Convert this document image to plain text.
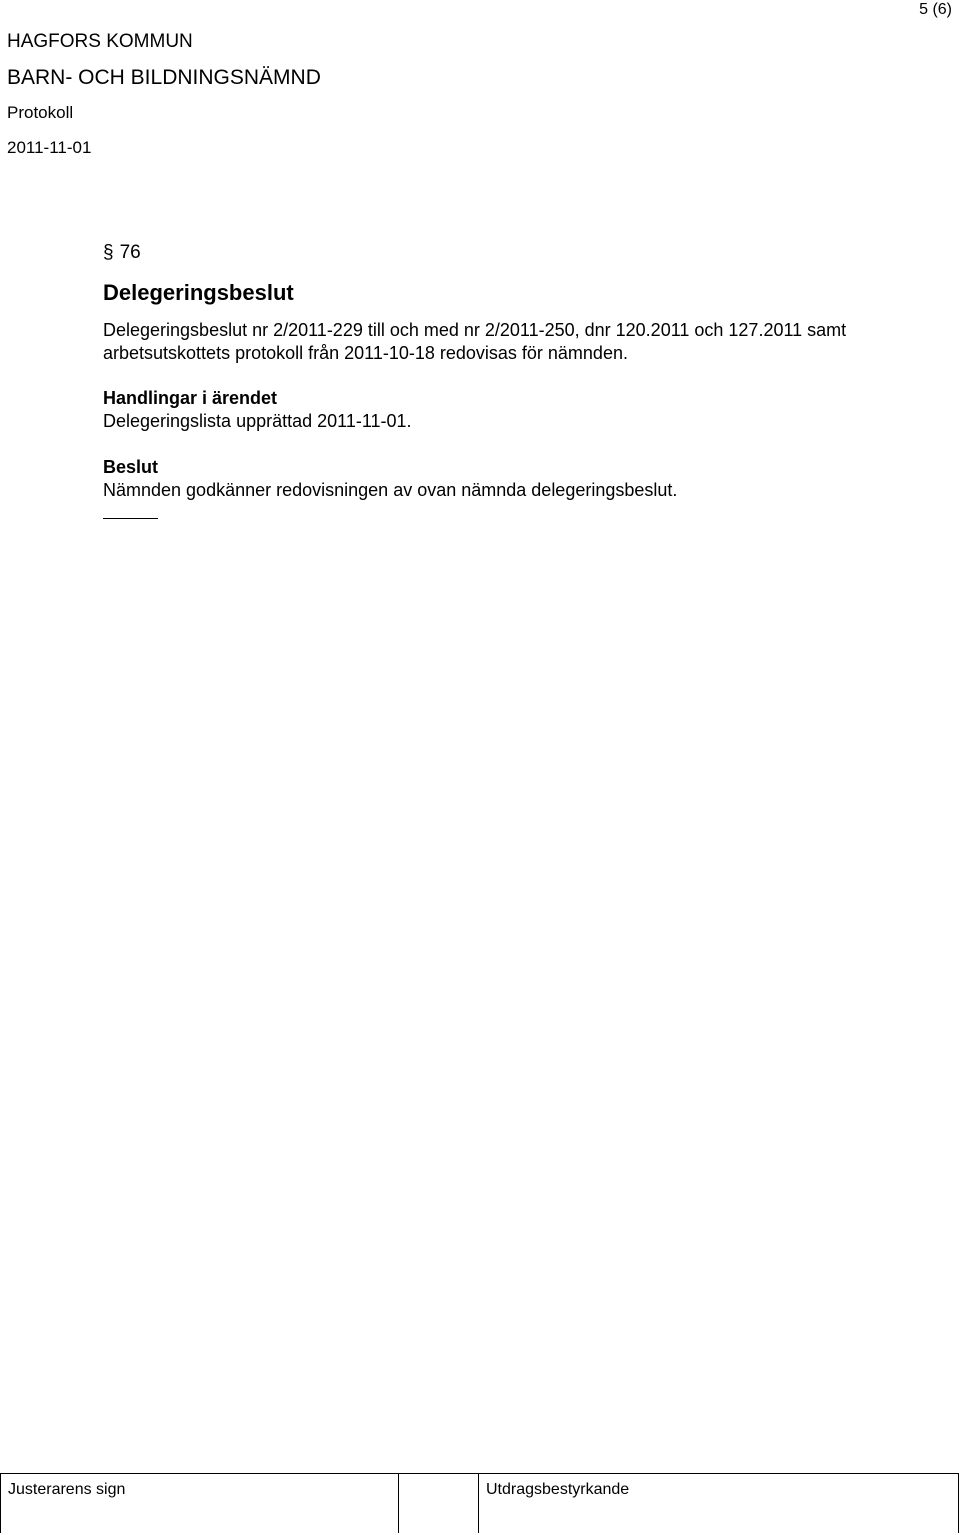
5 (6)
HAGFORS KOMMUN
BARN- OCH BILDNINGSNÄMND
Protokoll
2011-11-01
§ 76
Delegeringsbeslut
Delegeringsbeslut nr 2/2011-229 till och med nr 2/2011-250, dnr 120.2011 och 127.2011 samt arbetsutskottets protokoll från 2011-10-18 redovisas för nämnden.
Handlingar i ärendet
Delegeringslista upprättad 2011-11-01.
Beslut
Nämnden godkänner redovisningen av ovan nämnda delegeringsbeslut.
Justerarens sign	Utdragsbestyrkande
